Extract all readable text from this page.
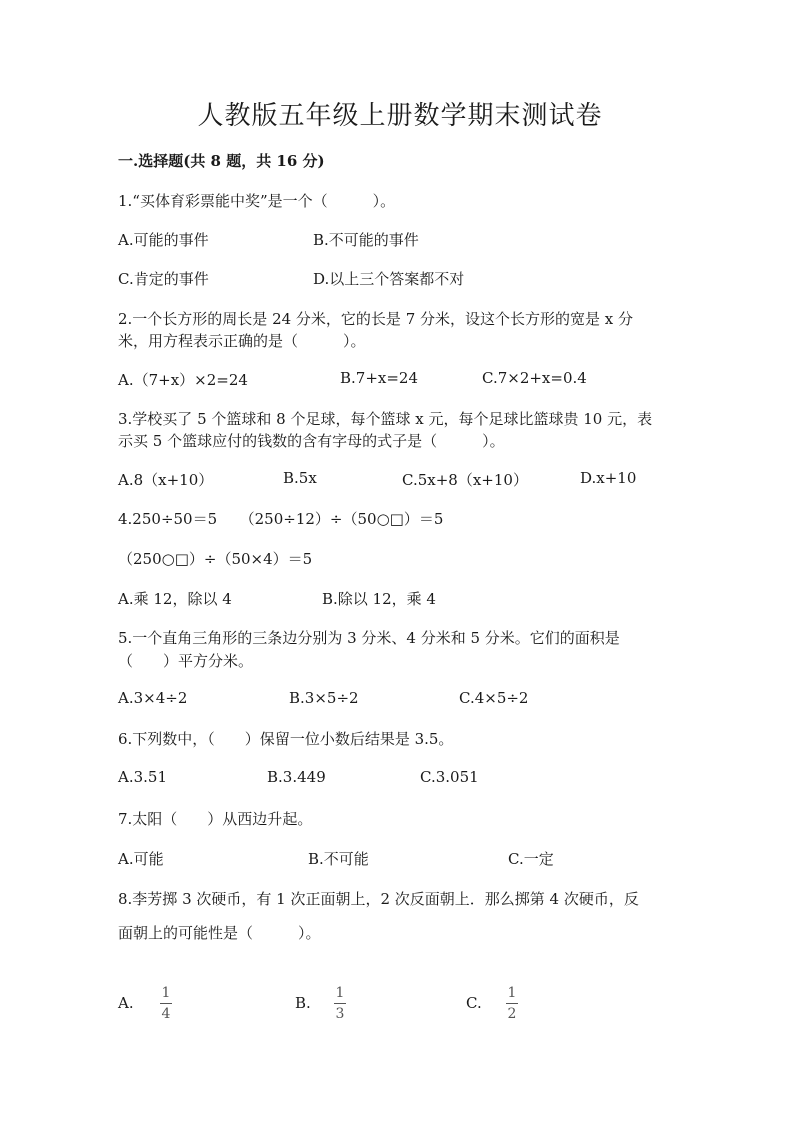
人教版五年级上册数学期末测试卷
一.选择题(共 8 题，共 16 分)
1.“买体育彩票能中奖”是一个（　　　）。
A.可能的事件	B.不可能的事件
C.肯定的事件	D.以上三个答案都不对
2.一个长方形的周长是 24 分米，它的长是 7 分米，设这个长方形的宽是 x 分
米，用方程表示正确的是（　　　）。
A.（7+x）×2=24	B.7+x=24	C.7×2+x=0.4
3.学校买了 5 个篮球和 8 个足球，每个篮球 x 元，每个足球比篮球贵 10 元，表
示买 5 个篮球应付的钱数的含有字母的式子是（　　　）。
A.8（x+10）	B.5x	C.5x+8（x+10）	D.x+10
4.250÷50＝5　　（250÷12）÷（50○□）＝5
（250○□）÷（50×4）＝5
A.乘 12，除以 4	B.除以 12，乘 4
5.一个直角三角形的三条边分别为 3 分米、4 分米和 5 分米。它们的面积是
（　　）平方分米。
A.3×4÷2	B.3×5÷2	C.4×5÷2
6.下列数中，（　　）保留一位小数后结果是 3.5。
A.3.51	B.3.449	C.3.051
7.太阳（　　）从西边升起。
A.可能	B.不可能	C.一定
8.李芳掷 3 次硬币，有 1 次正面朝上，2 次反面朝上．那么掷第 4 次硬币，反
面朝上的可能性是（　　　）。
A.
1
4
B.
1
3
C.
1
2
